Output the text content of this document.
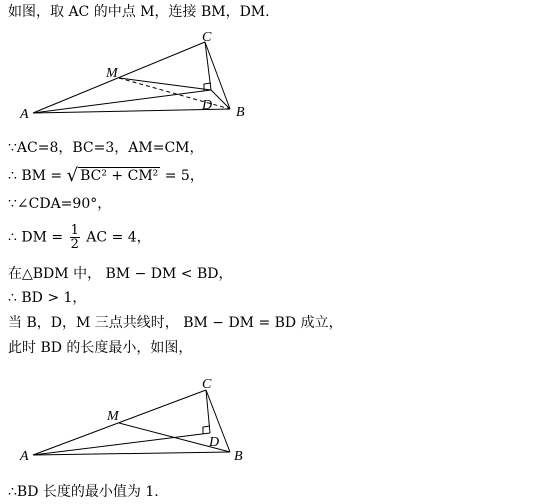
如图，取 AC 的中点 M，连接 BM，DM.
A	B
C
M
D
∵AC=8，BC=3，AM=CM，
∴ BM = √ BC² + CM² = 5，
∵∠CDA=90°，
∴ DM = $\frac{1}{2}$ AC = 4，
在△BDM 中， BM − DM < BD，
∴ BD > 1，
当 B，D，M 三点共线时， BM − DM = BD 成立，
此时 BD 的长度最小，如图，
A	B
C
M
D
∴BD 长度的最小值为 1.
